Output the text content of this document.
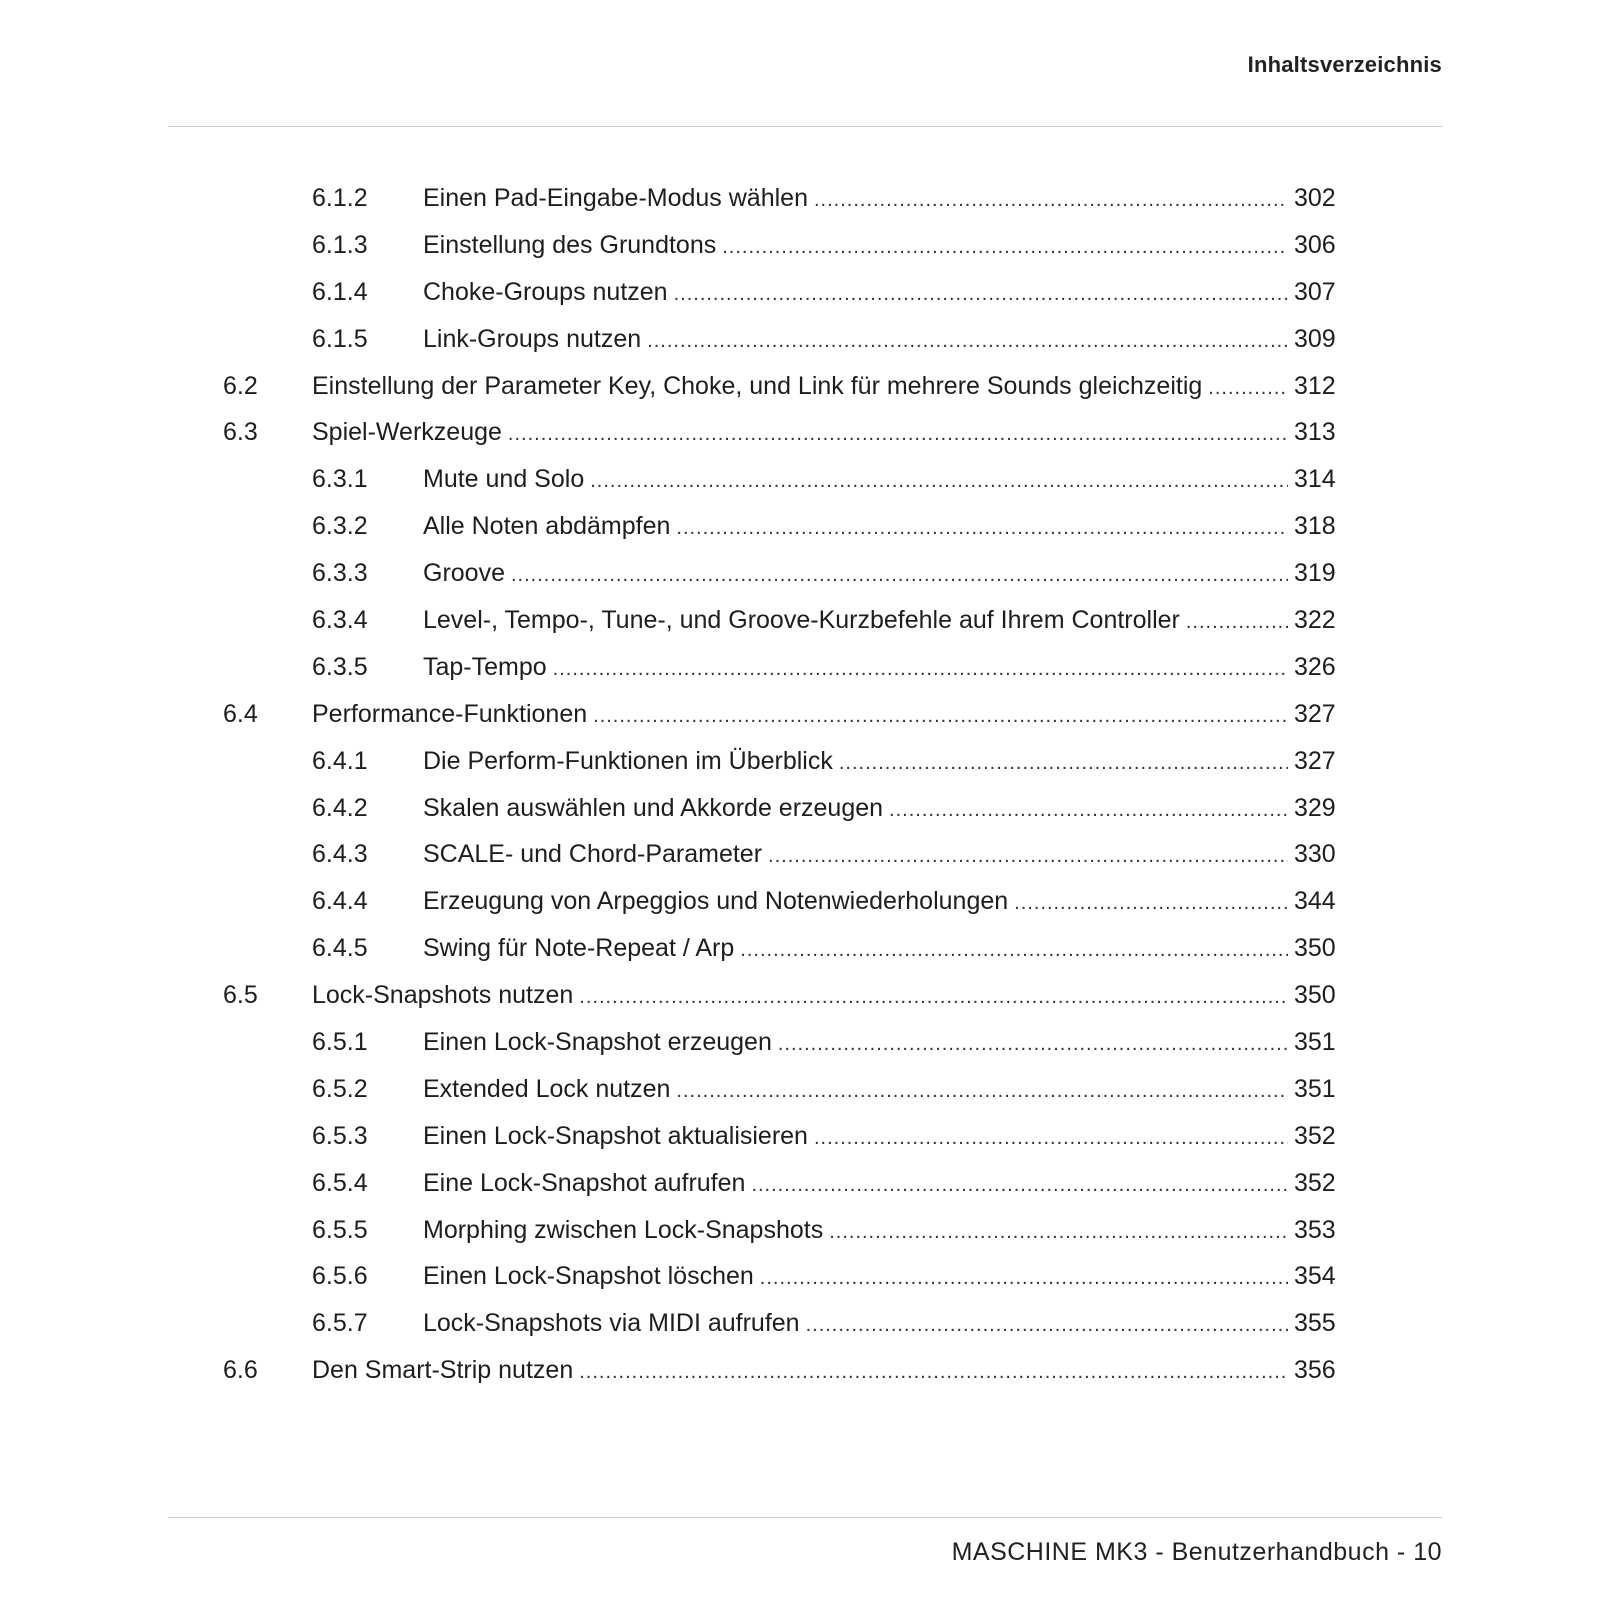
Inhaltsverzeichnis
6.1.2 Einen Pad-Eingabe-Modus wählen .....	302
6.1.3 Einstellung des Grundtons .....	306
6.1.4 Choke-Groups nutzen .....	307
6.1.5 Link-Groups nutzen .....	309
6.2 Einstellung der Parameter Key, Choke, und Link für mehrere Sounds gleichzeitig .....	312
6.3 Spiel-Werkzeuge .....	313
6.3.1 Mute und Solo .....	314
6.3.2 Alle Noten abdämpfen .....	318
6.3.3 Groove .....	319
6.3.4 Level-, Tempo-, Tune-, und Groove-Kurzbefehle auf Ihrem Controller .....	322
6.3.5 Tap-Tempo .....	326
6.4 Performance-Funktionen .....	327
6.4.1 Die Perform-Funktionen im Überblick .....	327
6.4.2 Skalen auswählen und Akkorde erzeugen .....	329
6.4.3 SCALE- und Chord-Parameter .....	330
6.4.4 Erzeugung von Arpeggios und Notenwiederholungen .....	344
6.4.5 Swing für Note-Repeat / Arp .....	350
6.5 Lock-Snapshots nutzen .....	350
6.5.1 Einen Lock-Snapshot erzeugen .....	351
6.5.2 Extended Lock nutzen .....	351
6.5.3 Einen Lock-Snapshot aktualisieren .....	352
6.5.4 Eine Lock-Snapshot aufrufen .....	352
6.5.5 Morphing zwischen Lock-Snapshots .....	353
6.5.6 Einen Lock-Snapshot löschen .....	354
6.5.7 Lock-Snapshots via MIDI aufrufen .....	355
6.6 Den Smart-Strip nutzen .....	356
MASCHINE MK3 - Benutzerhandbuch - 10
